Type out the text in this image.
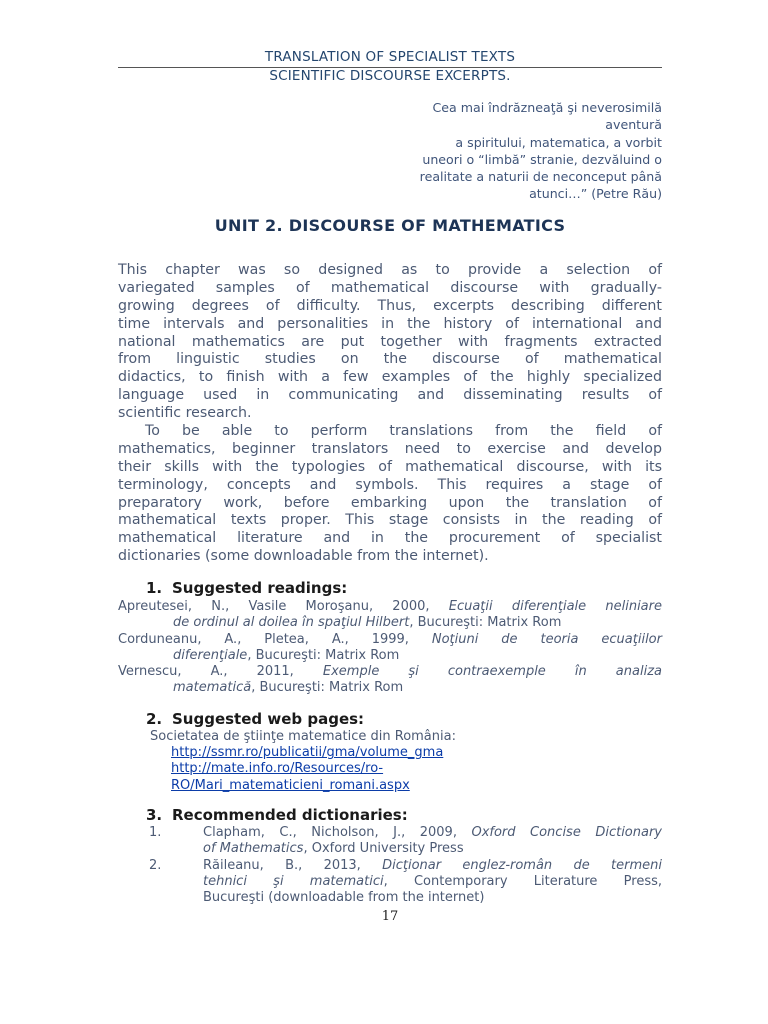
TRANSLATION OF SPECIALIST TEXTS
SCIENTIFIC DISCOURSE EXCERPTS.
Cea mai îndrăzneaţă şi neverosimilă
aventură
a spiritului, matematica, a vorbit
uneori o “limbă” stranie, dezvăluind o
realitate a naturii de neconceput până
atunci…” (Petre Rău)
UNIT 2. DISCOURSE OF MATHEMATICS
This chapter was so designed as to provide a selection of
variegated samples of mathematical discourse with gradually-
growing degrees of difficulty. Thus, excerpts describing different
time intervals and personalities in the history of international and
national mathematics are put together with fragments extracted
from linguistic studies on the discourse of mathematical
didactics, to finish with a few examples of the highly specialized
language used in communicating and disseminating results of
scientific research.
To be able to perform translations from the field of
mathematics, beginner translators need to exercise and develop
their skills with the typologies of mathematical discourse, with its
terminology, concepts and symbols. This requires a stage of
preparatory work, before embarking upon the translation of
mathematical texts proper. This stage consists in the reading of
mathematical literature and in the procurement of specialist
dictionaries (some downloadable from the internet).
1. Suggested readings:
Apreutesei, N., Vasile Moroşanu, 2000, Ecuaţii diferenţiale neliniare
de ordinul al doilea în spaţiul Hilbert, Bucureşti: Matrix Rom
Corduneanu, A., Pletea, A., 1999, Noţiuni de teoria ecuaţiilor
diferenţiale, Bucureşti: Matrix Rom
Vernescu, A., 2011, Exemple şi contraexemple în analiza
matematică, Bucureşti: Matrix Rom
2. Suggested web pages:
Societatea de ştiinţe matematice din România:
http://ssmr.ro/publicatii/gma/volume_gma
http://mate.info.ro/Resources/ro-
RO/Mari_matematicieni_romani.aspx
3. Recommended dictionaries:
1.	Clapham, C., Nicholson, J., 2009, Oxford Concise Dictionary
of Mathematics, Oxford University Press
2.	Răileanu, B., 2013, Dicţionar englez-român de termeni
tehnici şi matematici, Contemporary Literature Press,
Bucureşti (downloadable from the internet)
17
